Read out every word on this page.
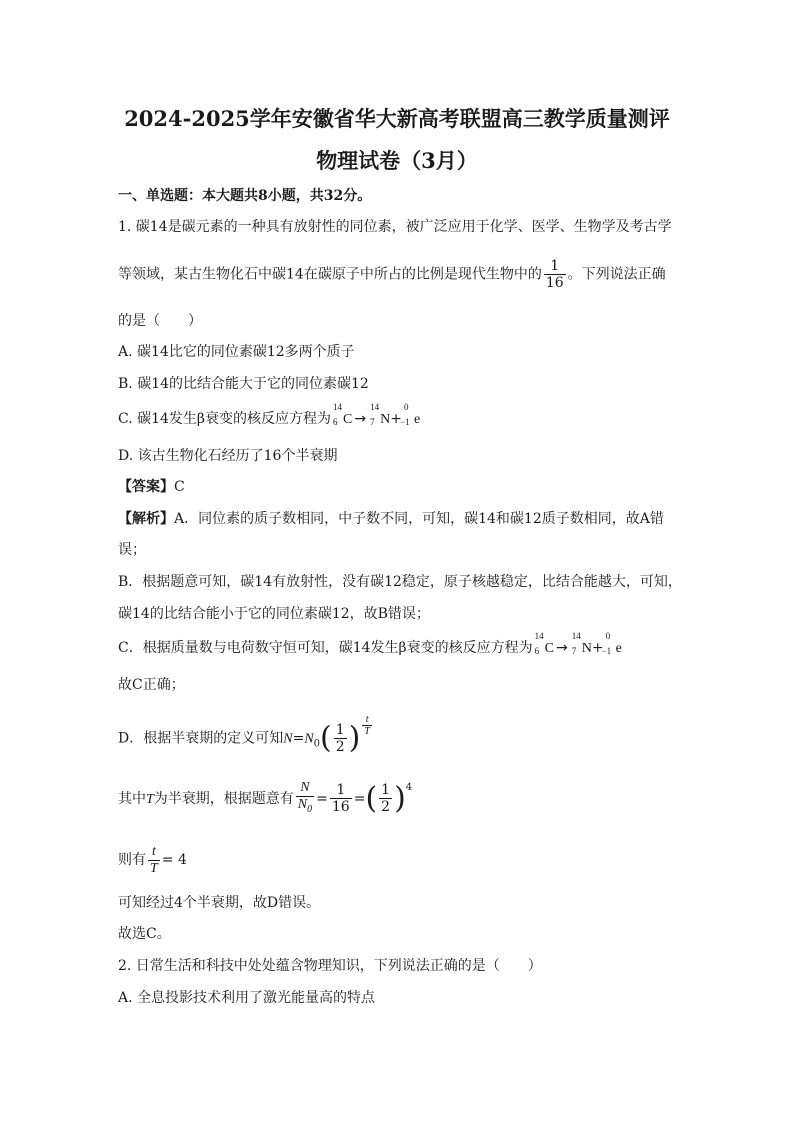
2024-2025学年安徽省华大新高考联盟高三教学质量测评
物理试卷（3月）
一、单选题：本大题共8小题，共32分。
1. 碳14是碳元素的一种具有放射性的同位素，被广泛应用于化学、医学、生物学及考古学
等领域，某古生物化石中碳14在碳原子中所占的比例是现代生物中的 $\frac{1}{16}$ 。下列说法正确
的是（　　）
A. 碳14比它的同位素碳12多两个质子
B. 碳14的比结合能大于它的同位素碳12
C. 碳14发生β衰变的核反应方程为
14
6 C →
14
7 N+
0
−1 e
D. 该古生物化石经历了16个半衰期
【答案】C
【解析】A．同位素的质子数相同，中子数不同，可知，碳14和碳12质子数相同，故A错
误；
B．根据题意可知，碳14有放射性，没有碳12稳定，原子核越稳定，比结合能越大，可知，
碳14的比结合能小于它的同位素碳12，故B错误；
C．根据质量数与电荷数守恒可知，碳14发生β衰变的核反应方程为
14
6 C →
14
7 N+
0
−1 e
故C正确；
D．根据半衰期的定义可知$N=N_0( \frac{1}{2}$ ) $\frac{t}{T}$
其中T为半衰期，根据题意有 $\frac{N}{N_0} = \frac{1}{16}$ =( $\frac{1}{2} )^4$
则有 $\frac{t}{T} = 4$
可知经过4个半衰期，故D错误。
故选C。
2. 日常生活和科技中处处蕴含物理知识，下列说法正确的是（　　）
A. 全息投影技术利用了激光能量高的特点
